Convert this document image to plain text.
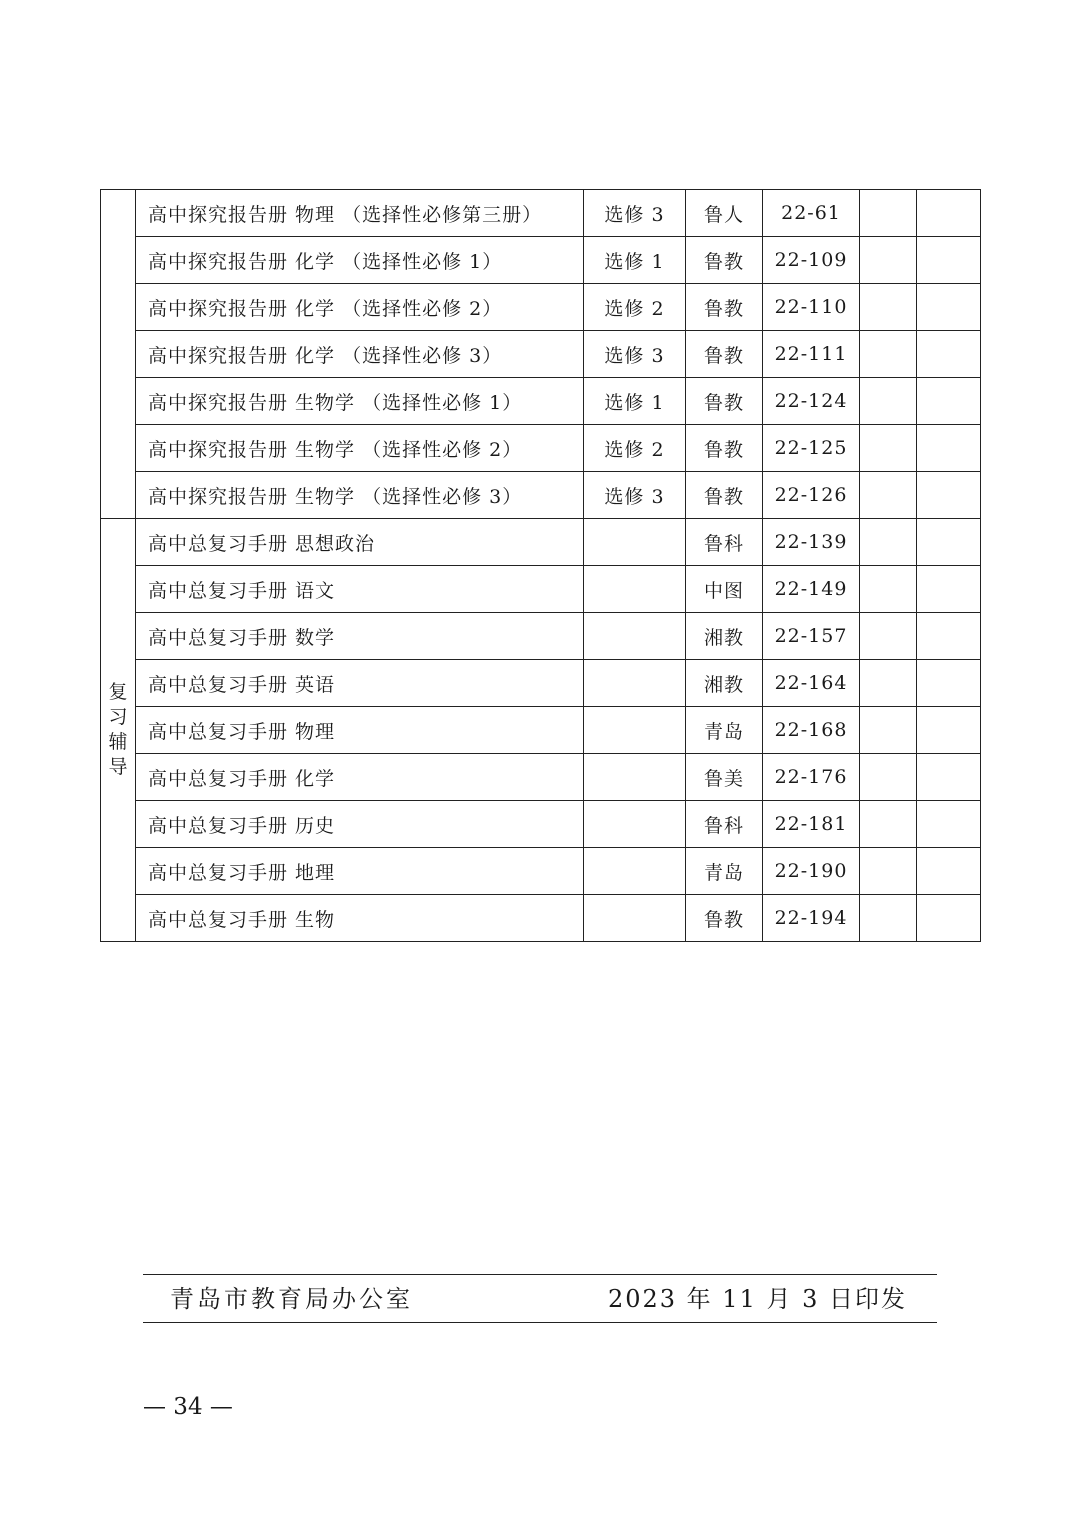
	高中探究报告册 物理 （选择性必修第三册）	选修 3	鲁人	22-61		
	高中探究报告册 化学 （选择性必修 1）	选修 1	鲁教	22-109		
	高中探究报告册 化学 （选择性必修 2）	选修 2	鲁教	22-110		
	高中探究报告册 化学 （选择性必修 3）	选修 3	鲁教	22-111		
	高中探究报告册 生物学 （选择性必修 1）	选修 1	鲁教	22-124		
	高中探究报告册 生物学 （选择性必修 2）	选修 2	鲁教	22-125		
	高中探究报告册 生物学 （选择性必修 3）	选修 3	鲁教	22-126		

复习辅导	高中总复习手册 思想政治		鲁科	22-139		
	高中总复习手册 语文		中图	22-149		
	高中总复习手册 数学		湘教	22-157		
	高中总复习手册 英语		湘教	22-164		
	高中总复习手册 物理		青岛	22-168		
	高中总复习手册 化学		鲁美	22-176		
	高中总复习手册 历史		鲁科	22-181		
	高中总复习手册 地理		青岛	22-190		
	高中总复习手册 生物		鲁教	22-194		
青岛市教育局办公室	2023 年 11 月 3 日印发
— 34 —
